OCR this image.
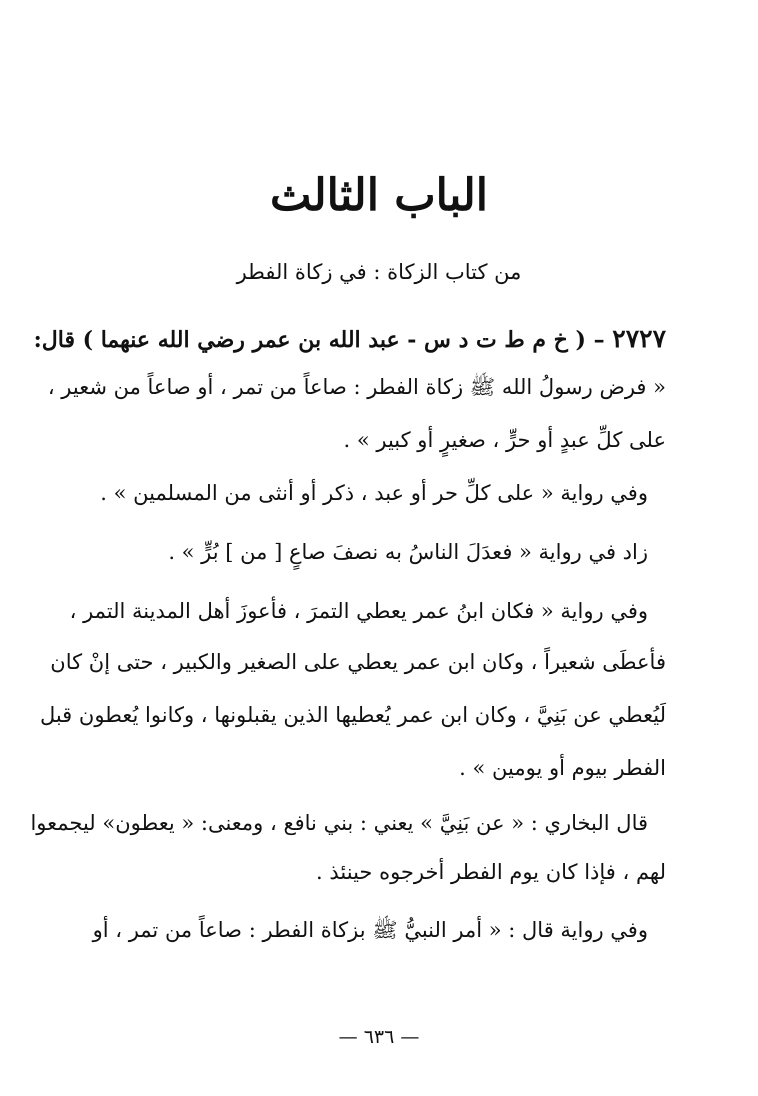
الباب الثالث
من كتاب الزكاة : في زكاة الفطر
٢٧٢٧ – ( خ م ط ت د س - عبد الله بن عمر رضي الله عنهما ) قال:
« فرض رسولُ الله ﷺ زكاة الفطر : صاعاً من تمر ، أو صاعاً من شعير ،
على كلِّ عبدٍ أو حرٍّ ، صغيرٍ أو كبير » .
وفي رواية « على كلِّ حر أو عبد ، ذكر أو أنثى من المسلمين » .
زاد في رواية « فعدَلَ الناسُ به نصفَ صاعٍ [ من ] بُرٍّ » .
وفي رواية « فكان ابنُ عمر يعطي التمرَ ، فأعوزَ أهل المدينة التمر ،
فأعطَى شعيراً ، وكان ابن عمر يعطي على الصغير والكبير ، حتى إنْ كان
لَيُعطي عن بَنِيَّ ، وكان ابن عمر يُعطيها الذين يقبلونها ، وكانوا يُعطون قبل
الفطر بيوم أو يومين » .
قال البخاري : « عن بَنِيَّ » يعني : بني نافع ، ومعنى: « يعطون» ليجمعوا
لهم ، فإذا كان يوم الفطر أخرجوه حينئذ .
وفي رواية قال : « أمر النبيُّ ﷺ بزكاة الفطر : صاعاً من تمر ، أو
— ٦٣٦ —
